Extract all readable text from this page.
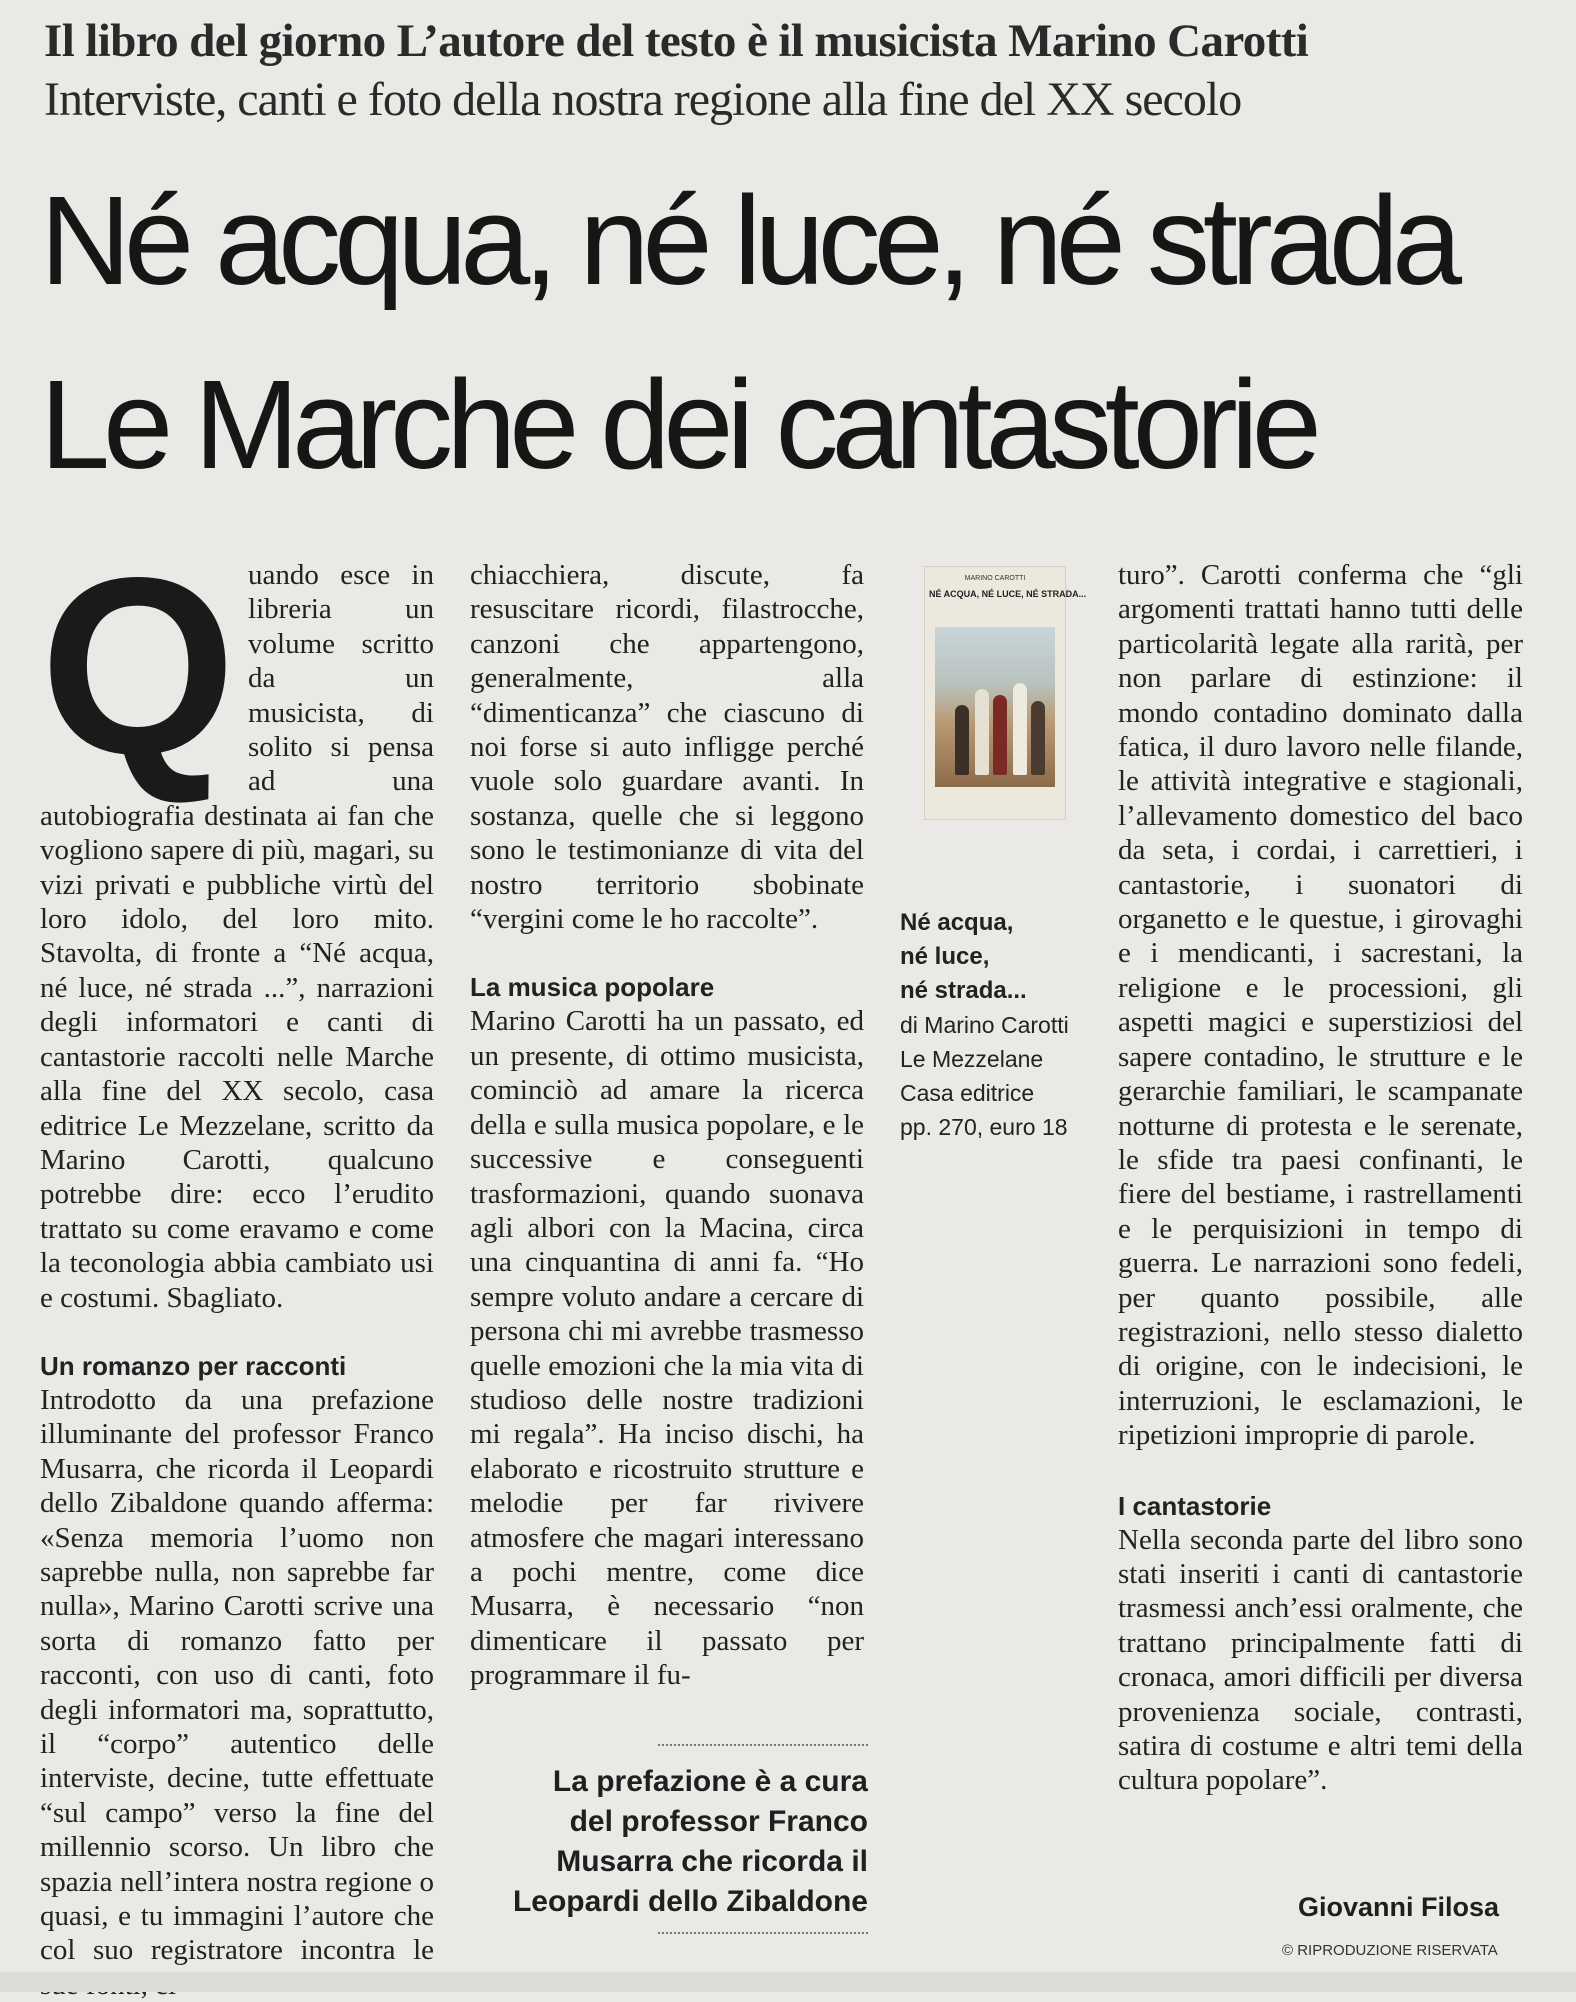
Il libro del giorno L’autore del testo è il musicista Marino Carotti
Interviste, canti e foto della nostra regione alla fine del XX secolo
Né acqua, né luce, né strada
Le Marche dei cantastorie
Q uando esce in libreria un volume scritto da un musicista, di solito si pensa ad una autobiografia destinata ai fan che vogliono sapere di più, magari, su vizi privati e pubbliche virtù del loro idolo, del loro mito. Stavolta, di fronte a “Né acqua, né luce, né strada ...”, narrazioni degli informatori e canti di cantastorie raccolti nelle Marche alla fine del XX secolo, casa editrice Le Mezzelane, scritto da Marino Carotti, qualcuno potrebbe dire: ecco l’erudito trattato su come eravamo e come la teconologia abbia cambiato usi e costumi. Sbagliato.

Un romanzo per racconti

Introdotto da una prefazione illuminante del professor Franco Musarra, che ricorda il Leopardi dello Zibaldone quando afferma: «Senza memoria l’uomo non saprebbe nulla, non saprebbe far nulla», Marino Carotti scrive una sorta di romanzo fatto per racconti, con uso di canti, foto degli informatori ma, soprattutto, il “corpo” autentico delle interviste, decine, tutte effettuate “sul campo” verso la fine del millennio scorso. Un libro che spazia nell’intera nostra regione o quasi, e tu immagini l’autore che col suo registratore incontra le

chiacchiera, discute, fa resuscitare ricordi, filastrocche, canzoni che appartengono, generalmente, alla “dimenticanza” che ciascuno di noi forse si auto infligge perché vuole solo guardare avanti. In sostanza, quelle che si leggono sono le testimonianze di vita del nostro territorio sbobinate “vergini come le ho raccolte”.

La musica popolare

Marino Carotti ha un passato, ed un presente, di ottimo musicista, cominciò ad amare la ricerca della e sulla musica popolare, e le successive e conseguenti trasformazioni, quando suonava agli albori con la Macina, circa una cinquantina di anni fa. “Ho sempre voluto andare a cercare di persona chi mi avrebbe trasmesso quelle emozioni che la mia vita di studioso delle nostre tradizioni mi regala”. Ha inciso dischi, ha elaborato e ricostruito strutture e melodie per far rivivere atmosfere che magari interessano a pochi mentre, come dice Musarra, è necessario “non dimenticare il passato per programmare il fu-

MARINO CAROTTI
NÉ ACQUA, NÉ LUCE, NÉ STRADA...

Né acqua,

né luce,

né strada...

di Marino Carotti

Le Mezzelane

Casa editrice

pp. 270, euro 18

turo”. Carotti conferma che “gli argomenti trattati hanno tutti delle particolarità legate alla rarità, per non parlare di estinzione: il mondo contadino dominato dalla fatica, il duro lavoro nelle filande, le attività integrative e stagionali, l’allevamento domestico del baco da seta, i cordai, i carrettieri, i cantastorie, i suonatori di organetto e le questue, i girovaghi e i mendicanti, i sacrestani, la religione e le processioni, gli aspetti magici e superstiziosi del sapere contadino, le strutture e le gerarchie familiari, le scampanate notturne di protesta e le serenate, le sfide tra paesi confinanti, le fiere del bestiame, i rastrellamenti e le perquisizioni in tempo di guerra. Le narrazioni sono fedeli, per quanto possibile, alle registrazioni, nello stesso dialetto di origine, con le indecisioni, le interruzioni, le esclamazioni, le ripetizioni improprie di parole.

I cantastorie

Nella seconda parte del libro sono stati inseriti i canti di cantastorie trasmessi anch’essi oralmente, che trattano principalmente fatti di cronaca, amori difficili per diversa provenienza sociale, contrasti, satira di costume e altri temi della cultura popolare”.

La prefazione è a cura

del professor Franco

Musarra che ricorda il

Leopardi dello Zibaldone	Giovanni Filosa
© RIPRODUZIONE RISERVATA
